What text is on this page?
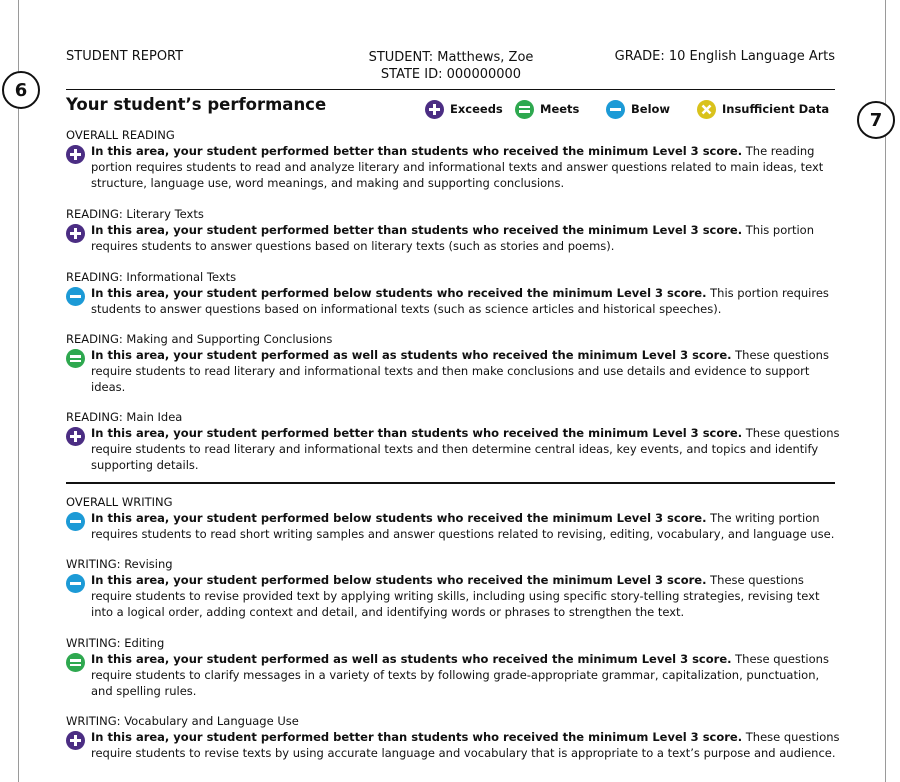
6
7
STUDENT REPORT	STUDENT: Matthews, Zoe
STATE ID: 000000000
GRADE: 10 English Language Arts
Your student’s performance	Exceeds	Meets	Below	Insufficient Data
OVERALL READING
In this area, your student performed better than students who received the minimum Level 3 score. The reading portion requires students to read and analyze literary and informational texts and answer questions related to main ideas, text structure, language use, word meanings, and making and supporting conclusions.
READING: Literary Texts
In this area, your student performed better than students who received the minimum Level 3 score. This portion requires students to answer questions based on literary texts (such as stories and poems).
READING: Informational Texts
In this area, your student performed below students who received the minimum Level 3 score. This portion requires students to answer questions based on informational texts (such as science articles and historical speeches).
READING: Making and Supporting Conclusions
In this area, your student performed as well as students who received the minimum Level 3 score. These questions require students to read literary and informational texts and then make conclusions and use details and evidence to support ideas.
READING: Main Idea
In this area, your student performed better than students who received the minimum Level 3 score. These questions require students to read literary and informational texts and then determine central ideas, key events, and topics and identify supporting details.
OVERALL WRITING
In this area, your student performed below students who received the minimum Level 3 score. The writing portion requires students to read short writing samples and answer questions related to revising, editing, vocabulary, and language use.
WRITING: Revising
In this area, your student performed below students who received the minimum Level 3 score. These questions require students to revise provided text by applying writing skills, including using specific story-telling strategies, revising text into a logical order, adding context and detail, and identifying words or phrases to strengthen the text.
WRITING: Editing
In this area, your student performed as well as students who received the minimum Level 3 score. These questions require students to clarify messages in a variety of texts by following grade-appropriate grammar, capitalization, punctuation, and spelling rules.
WRITING: Vocabulary and Language Use
In this area, your student performed better than students who received the minimum Level 3 score. These questions require students to revise texts by using accurate language and vocabulary that is appropriate to a text’s purpose and audience.
